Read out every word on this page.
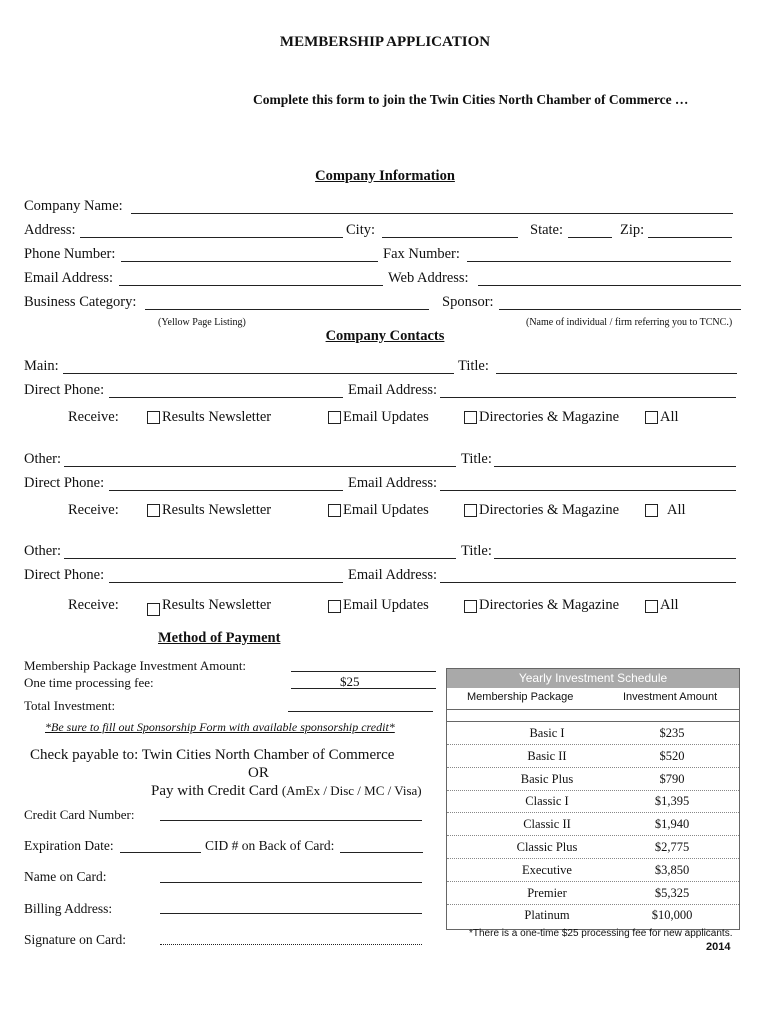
MEMBERSHIP APPLICATION
Complete this form to join the Twin Cities North Chamber of Commerce …
Company Information
Company Name:
Address:	City:	State:	Zip:
Phone Number:	Fax Number:
Email Address:	Web Address:
Business Category:	Sponsor:
(Yellow Page Listing)	(Name of individual / firm referring you to TCNC.)
Company Contacts
Main:	Title:
Direct Phone:	Email Address:
Receive:	Results Newsletter	Email Updates	Directories & Magazine	All
Other:	Title:
Direct Phone:	Email Address:
Receive:	Results Newsletter	Email Updates	Directories & Magazine	All
Other:	Title:
Direct Phone:	Email Address:
Receive:	Results Newsletter	Email Updates	Directories & Magazine	All
Method of Payment
Membership Package Investment Amount:
One time processing fee:	$25
Total Investment:
*Be sure to fill out Sponsorship Form with available sponsorship credit*
Check payable to: Twin Cities North Chamber of Commerce
OR
Pay with Credit Card (AmEx / Disc / MC / Visa)
Credit Card Number:
Expiration Date:	CID # on Back of Card:
Name on Card:
Billing Address:
Signature on Card:
Yearly Investment Schedule
Membership Package	Investment Amount
Basic I	$235
Basic II	$520
Basic Plus	$790
Classic I	$1,395
Classic II	$1,940
Classic Plus	$2,775
Executive	$3,850
Premier	$5,325
Platinum	$10,000
*There is a one-time $25 processing fee for new applicants.
2014
